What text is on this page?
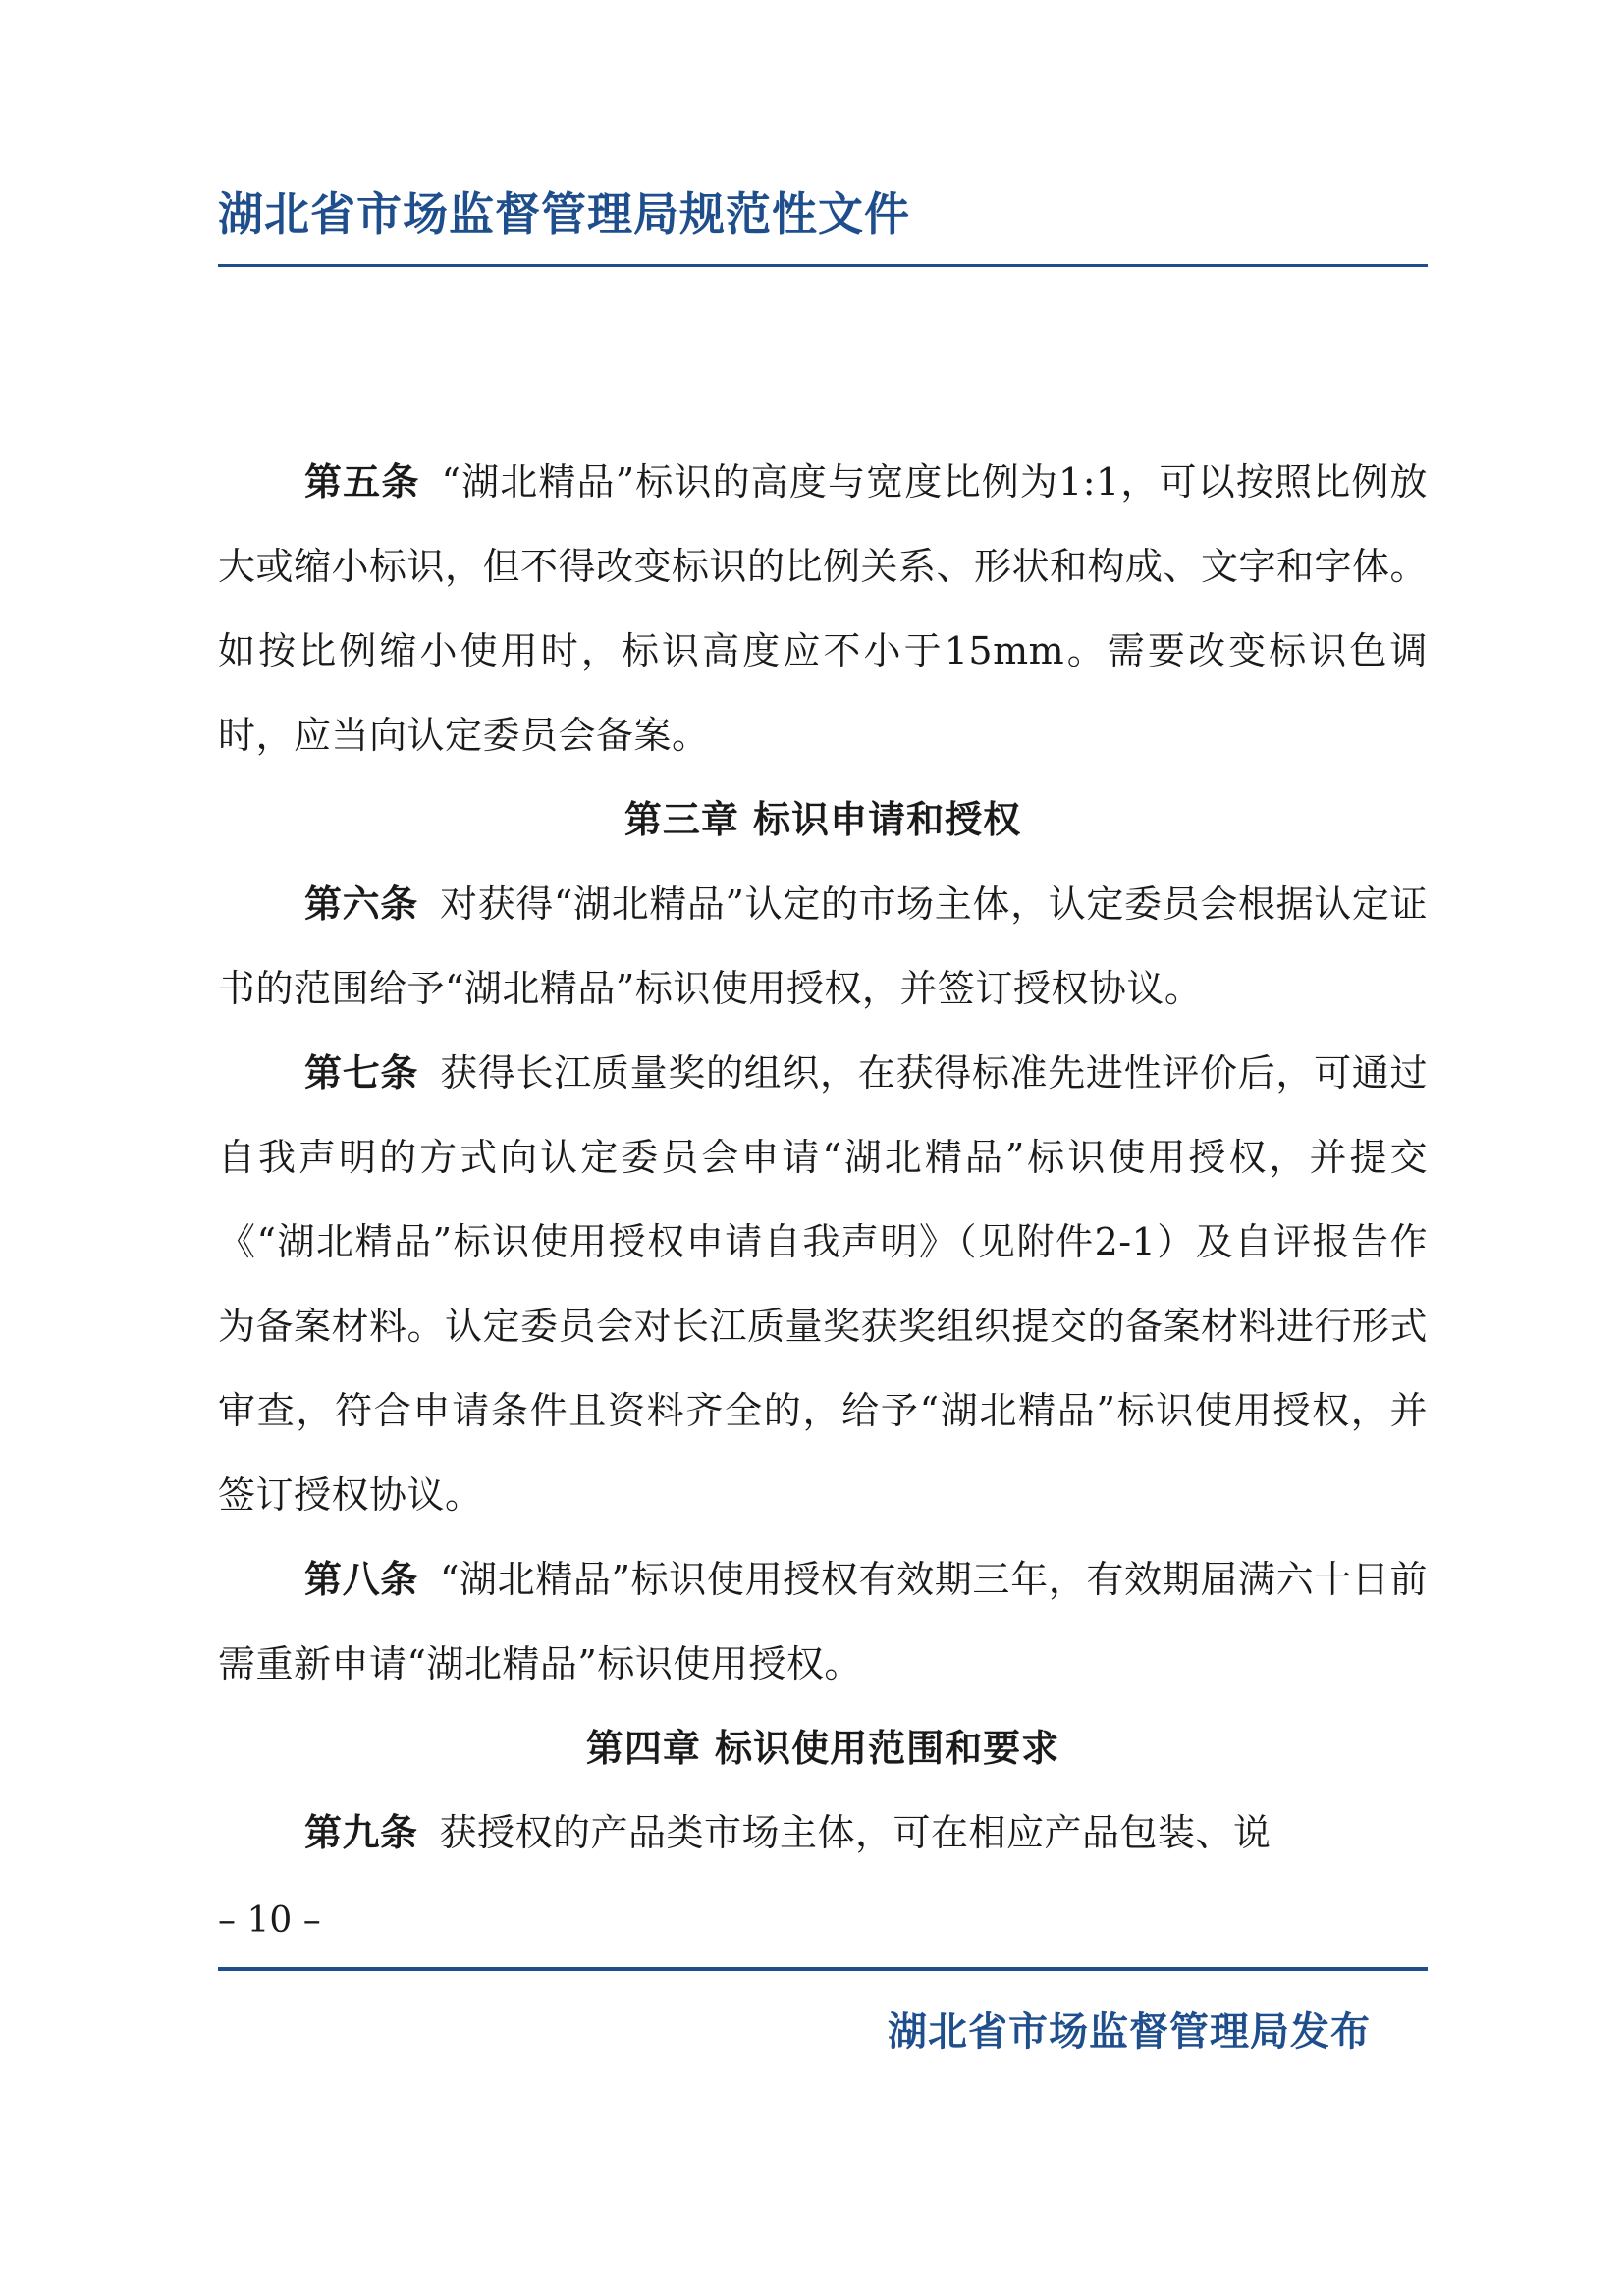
湖北省市场监督管理局规范性文件

第五条 “湖北精品”标识的高度与宽度比例为1:1，可以按照比例放大或缩小标识，但不得改变标识的比例关系、形状和构成、文字和字体。如按比例缩小使用时，标识高度应不小于15mm。需要改变标识色调时，应当向认定委员会备案。

第三章 标识申请和授权

第六条 对获得“湖北精品”认定的市场主体，认定委员会根据认定证书的范围给予“湖北精品”标识使用授权，并签订授权协议。

第七条 获得长江质量奖的组织，在获得标准先进性评价后，可通过自我声明的方式向认定委员会申请“湖北精品”标识使用授权，并提交《“湖北精品”标识使用授权申请自我声明》（见附件2-1）及自评报告作为备案材料。认定委员会对长江质量奖获奖组织提交的备案材料进行形式审查，符合申请条件且资料齐全的，给予“湖北精品”标识使用授权，并签订授权协议。

第八条 “湖北精品”标识使用授权有效期三年，有效期届满六十日前需重新申请“湖北精品”标识使用授权。

第四章 标识使用范围和要求

第九条 获授权的产品类市场主体，可在相应产品包装、说

– 10 –
湖北省市场监督管理局发布
